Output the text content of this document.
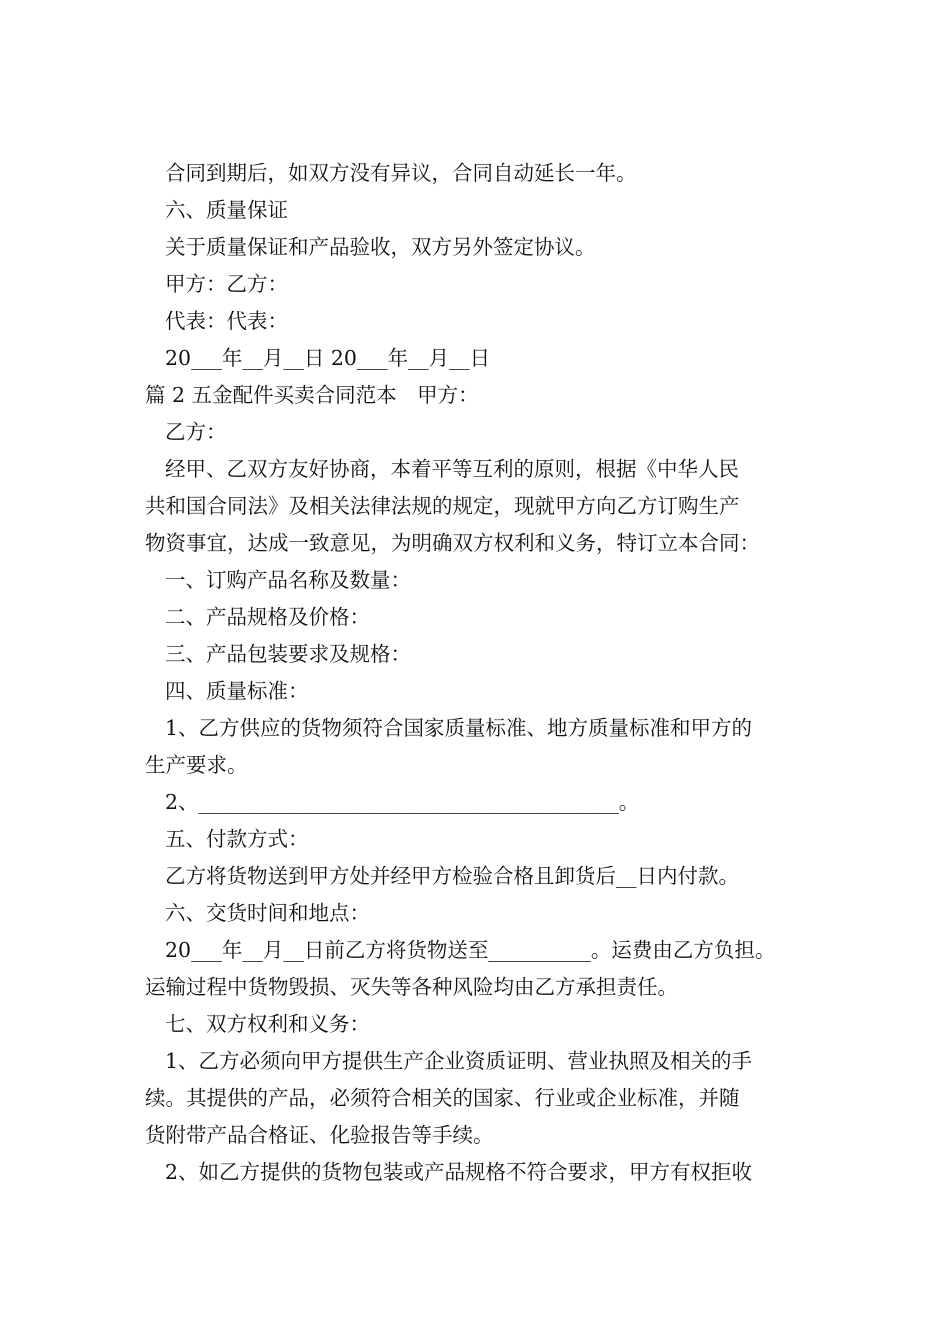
合同到期后，如双方没有异议，合同自动延长一年。

六、质量保证

关于质量保证和产品验收，双方另外签定协议。

甲方：乙方：

代表：代表：

20___年__月__日 20___年__月__日

篇 2 五金配件买卖合同范本　甲方：

乙方：

经甲、乙双方友好协商，本着平等互利的原则，根据《中华人民

共和国合同法》及相关法律法规的规定，现就甲方向乙方订购生产

物资事宜，达成一致意见，为明确双方权利和义务，特订立本合同：

一、订购产品名称及数量：

二、产品规格及价格：

三、产品包装要求及规格：

四、质量标准：

1、乙方供应的货物须符合国家质量标准、地方质量标准和甲方的

生产要求。

2、_________________________________________。

五、付款方式：

乙方将货物送到甲方处并经甲方检验合格且卸货后__日内付款。

六、交货时间和地点：

20___年__月__日前乙方将货物送至__________。运费由乙方负担。

运输过程中货物毁损、灭失等各种风险均由乙方承担责任。

七、双方权利和义务：

1、乙方必须向甲方提供生产企业资质证明、营业执照及相关的手

续。其提供的产品，必须符合相关的国家、行业或企业标准，并随

货附带产品合格证、化验报告等手续。

2、如乙方提供的货物包装或产品规格不符合要求，甲方有权拒收
